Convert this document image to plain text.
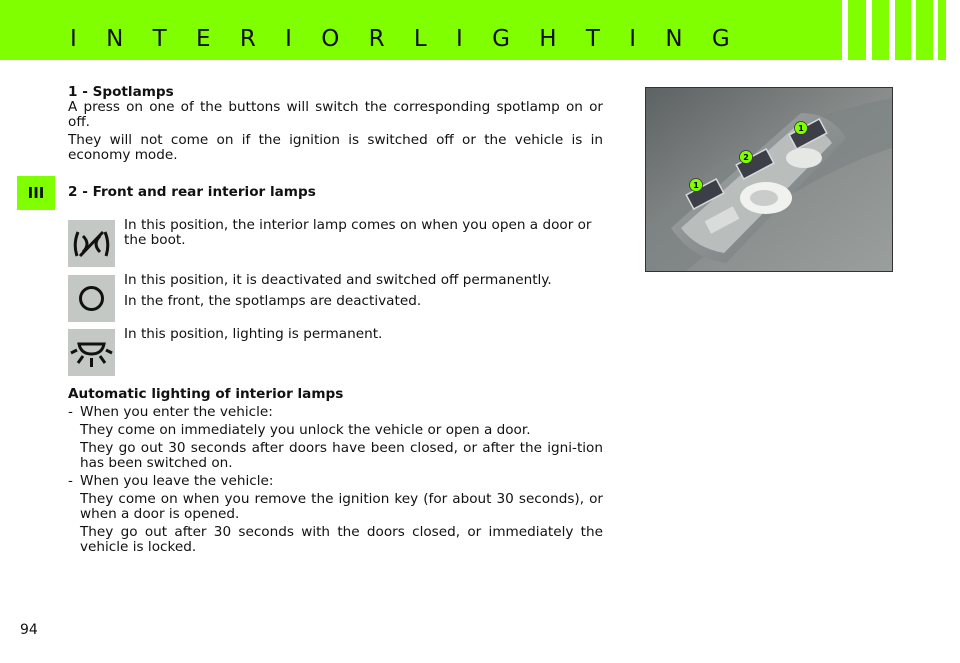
I N T E R I O R L I G H T I N G
III

1 - Spotlamps

A press on one of the buttons will switch the corresponding spotlamp on or off.

They will not come on if the ignition is switched off or the vehicle is in economy mode.

2 - Front and rear interior lamps

In this position, the interior lamp comes on when you open a door or the boot.

In this position, it is deactivated and switched off permanently.

In the front, the spotlamps are deactivated.

In this position, lighting is permanent.

Automatic lighting of interior lamps

- When you enter the vehicle:

They come on immediately you unlock the vehicle or open a door.

They go out 30 seconds after doors have been closed, or after the igni-tion has been switched on.

- When you leave the vehicle:

They come on when you remove the ignition key (for about 30 seconds), or when a door is opened.

They go out after 30 seconds with the doors closed, or immediately the vehicle is locked.

1
2
1
94
